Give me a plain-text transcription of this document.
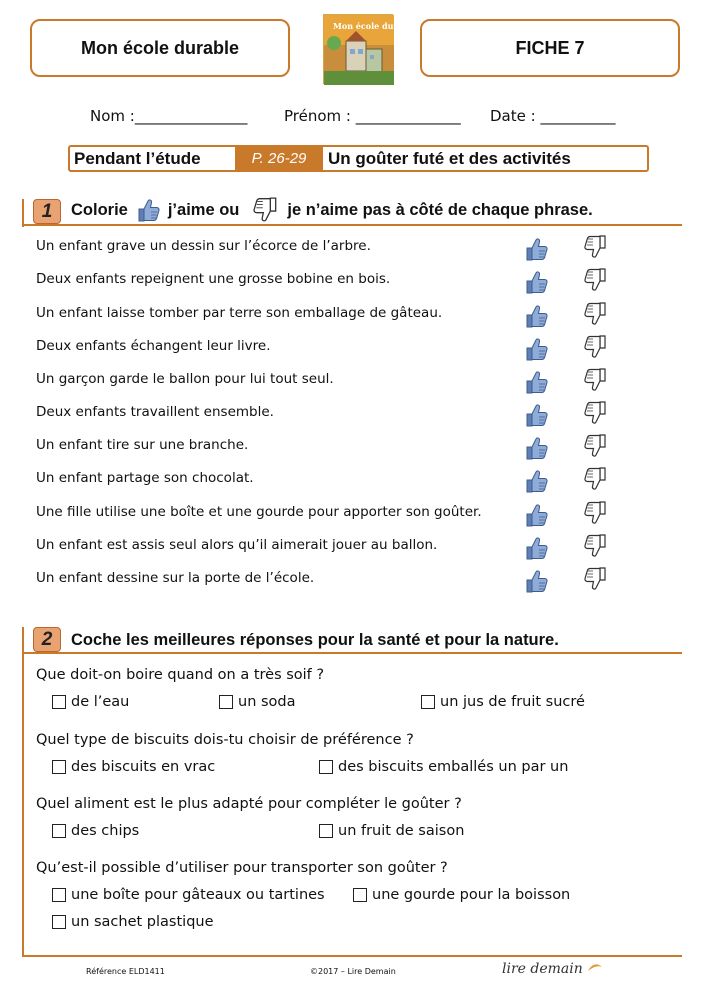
Mon école durable	FICHE 7
Mon école durable
Nom :_______________ Prénom : ______________ Date : __________
Pendant l’étude	P. 26-29	Un goûter futé et des activités
1 Colorie j’aime ou	je n’aime pas à côté de chaque phrase.
Un enfant grave un dessin sur l’écorce de l’arbre.
Deux enfants repeignent une grosse bobine en bois.
Un enfant laisse tomber par terre son emballage de gâteau.
Deux enfants échangent leur livre.
Un garçon garde le ballon pour lui tout seul.
Deux enfants travaillent ensemble.
Un enfant tire sur une branche.
Un enfant partage son chocolat.
Une fille utilise une boîte et une gourde pour apporter son goûter.
Un enfant est assis seul alors qu’il aimerait jouer au ballon.
Un enfant dessine sur la porte de l’école.
2 Coche les meilleures réponses pour la santé et pour la nature.
Que doit-on boire quand on a très soif ?
de l’eau	un soda	un jus de fruit sucré
Quel type de biscuits dois-tu choisir de préférence ?
des biscuits en vrac	des biscuits emballés un par un
Quel aliment est le plus adapté pour compléter le goûter ?
des chips	un fruit de saison
Qu’est-il possible d’utiliser pour transporter son goûter ?
une boîte pour gâteaux ou tartines	une gourde pour la boisson
un sachet plastique
Référence ELD1411	©2017 – Lire Demain	lire demain
